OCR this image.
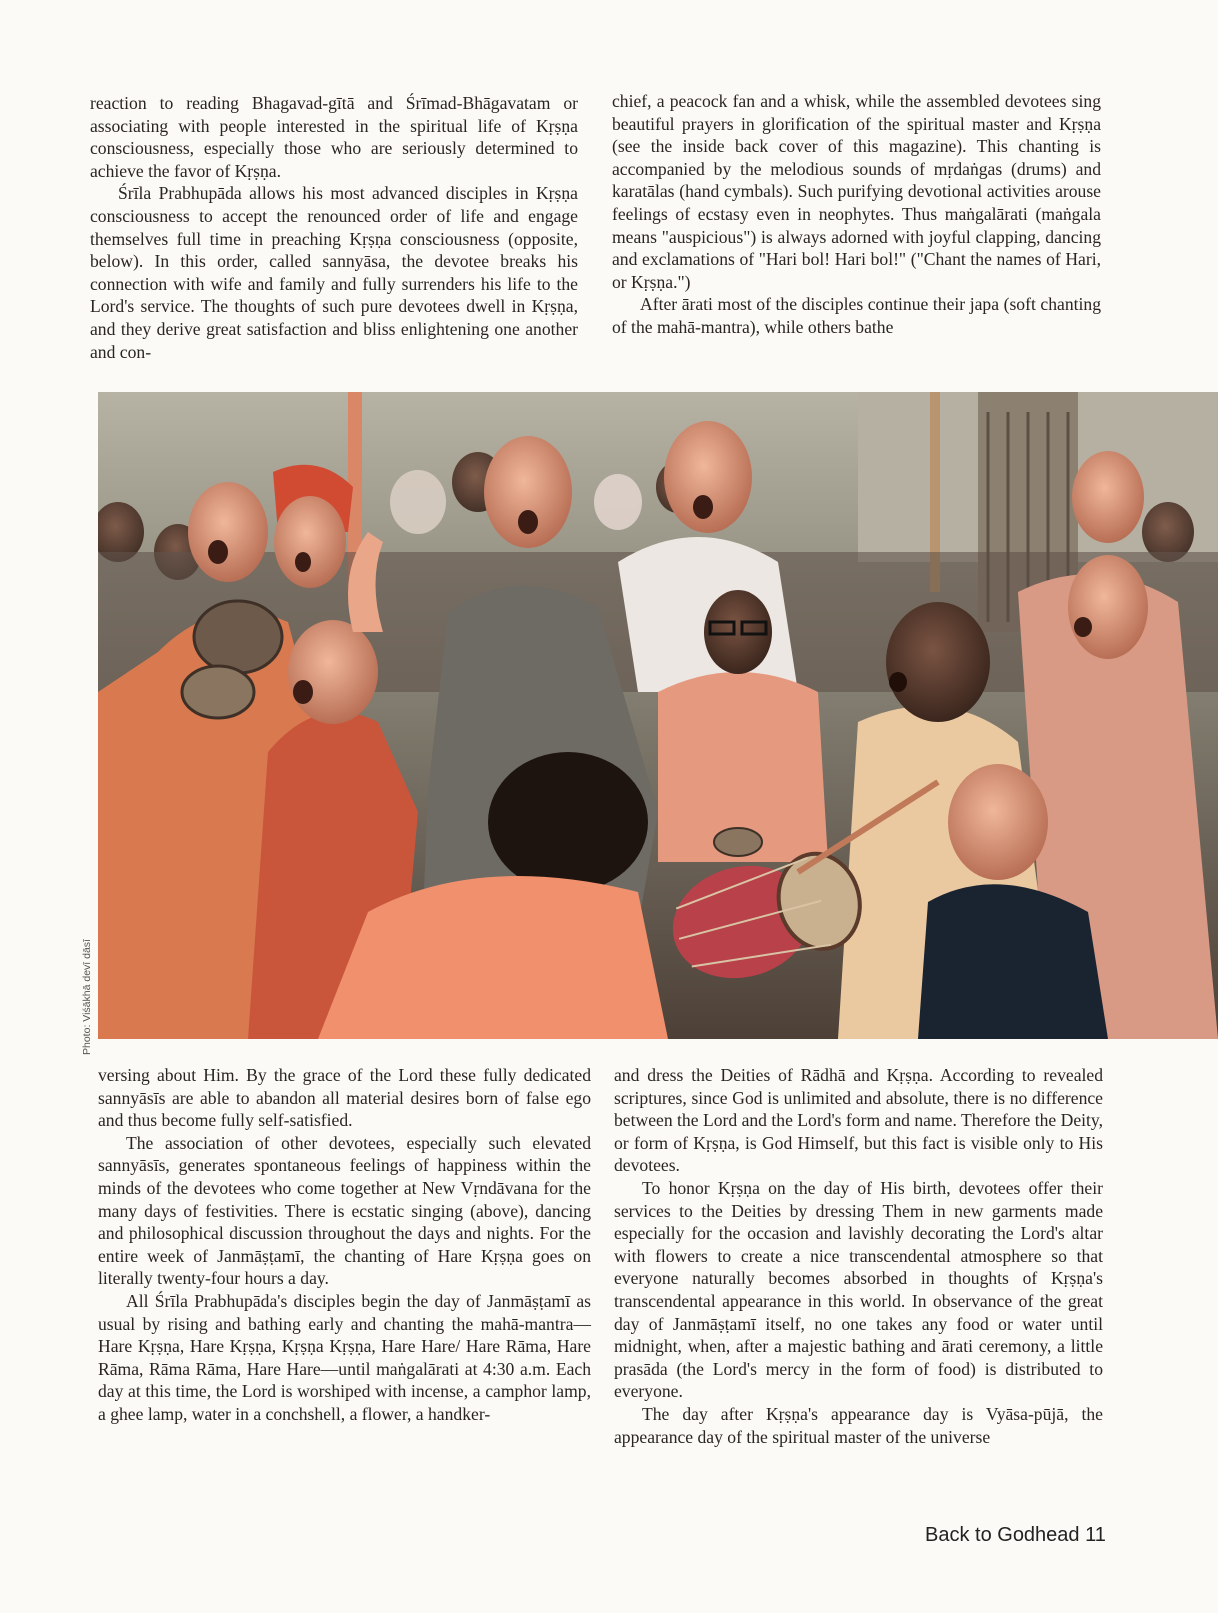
reaction to reading Bhagavad-gītā and Śrīmad-Bhāgavatam or associating with people interested in the spiritual life of Kṛṣṇa consciousness, especially those who are seriously determined to achieve the favor of Kṛṣṇa.

Śrīla Prabhupāda allows his most advanced disciples in Kṛṣṇa consciousness to accept the renounced order of life and engage themselves full time in preaching Kṛṣṇa consciousness (opposite, below). In this order, called sannyāsa, the devotee breaks his connection with wife and family and fully surrenders his life to the Lord's service. The thoughts of such pure devotees dwell in Kṛṣṇa, and they derive great satisfaction and bliss enlightening one another and con-

chief, a peacock fan and a whisk, while the assembled devotees sing beautiful prayers in glorification of the spiritual master and Kṛṣṇa (see the inside back cover of this magazine). This chanting is accompanied by the melodious sounds of mṛdaṅgas (drums) and karatālas (hand cymbals). Such purifying devotional activities arouse feelings of ecstasy even in neophytes. Thus maṅgalārati (maṅgala means "auspicious") is always adorned with joyful clapping, dancing and exclamations of "Hari bol! Hari bol!" ("Chant the names of Hari, or Kṛṣṇa.")

After ārati most of the disciples continue their japa (soft chanting of the mahā-mantra), while others bathe

Photo: Viśākhā devī dāsī

versing about Him. By the grace of the Lord these fully dedicated sannyāsīs are able to abandon all material desires born of false ego and thus become fully self-satisfied.

The association of other devotees, especially such elevated sannyāsīs, generates spontaneous feelings of happiness within the minds of the devotees who come together at New Vṛndāvana for the many days of festivities. There is ecstatic singing (above), dancing and philosophical discussion throughout the days and nights. For the entire week of Janmāṣṭamī, the chanting of Hare Kṛṣṇa goes on literally twenty-four hours a day.

All Śrīla Prabhupāda's disciples begin the day of Janmāṣṭamī as usual by rising and bathing early and chanting the mahā-mantra—Hare Kṛṣṇa, Hare Kṛṣṇa, Kṛṣṇa Kṛṣṇa, Hare Hare/ Hare Rāma, Hare Rāma, Rāma Rāma, Hare Hare—until maṅgalārati at 4:30 a.m. Each day at this time, the Lord is worshiped with incense, a camphor lamp, a ghee lamp, water in a conchshell, a flower, a handker-

and dress the Deities of Rādhā and Kṛṣṇa. According to revealed scriptures, since God is unlimited and absolute, there is no difference between the Lord and the Lord's form and name. Therefore the Deity, or form of Kṛṣṇa, is God Himself, but this fact is visible only to His devotees.

To honor Kṛṣṇa on the day of His birth, devotees offer their services to the Deities by dressing Them in new garments made especially for the occasion and lavishly decorating the Lord's altar with flowers to create a nice transcendental atmosphere so that everyone naturally becomes absorbed in thoughts of Kṛṣṇa's transcendental appearance in this world. In observance of the great day of Janmāṣṭamī itself, no one takes any food or water until midnight, when, after a majestic bathing and ārati ceremony, a little prasāda (the Lord's mercy in the form of food) is distributed to everyone.

The day after Kṛṣṇa's appearance day is Vyāsa-pūjā, the appearance day of the spiritual master of the universe

Back to Godhead 11
